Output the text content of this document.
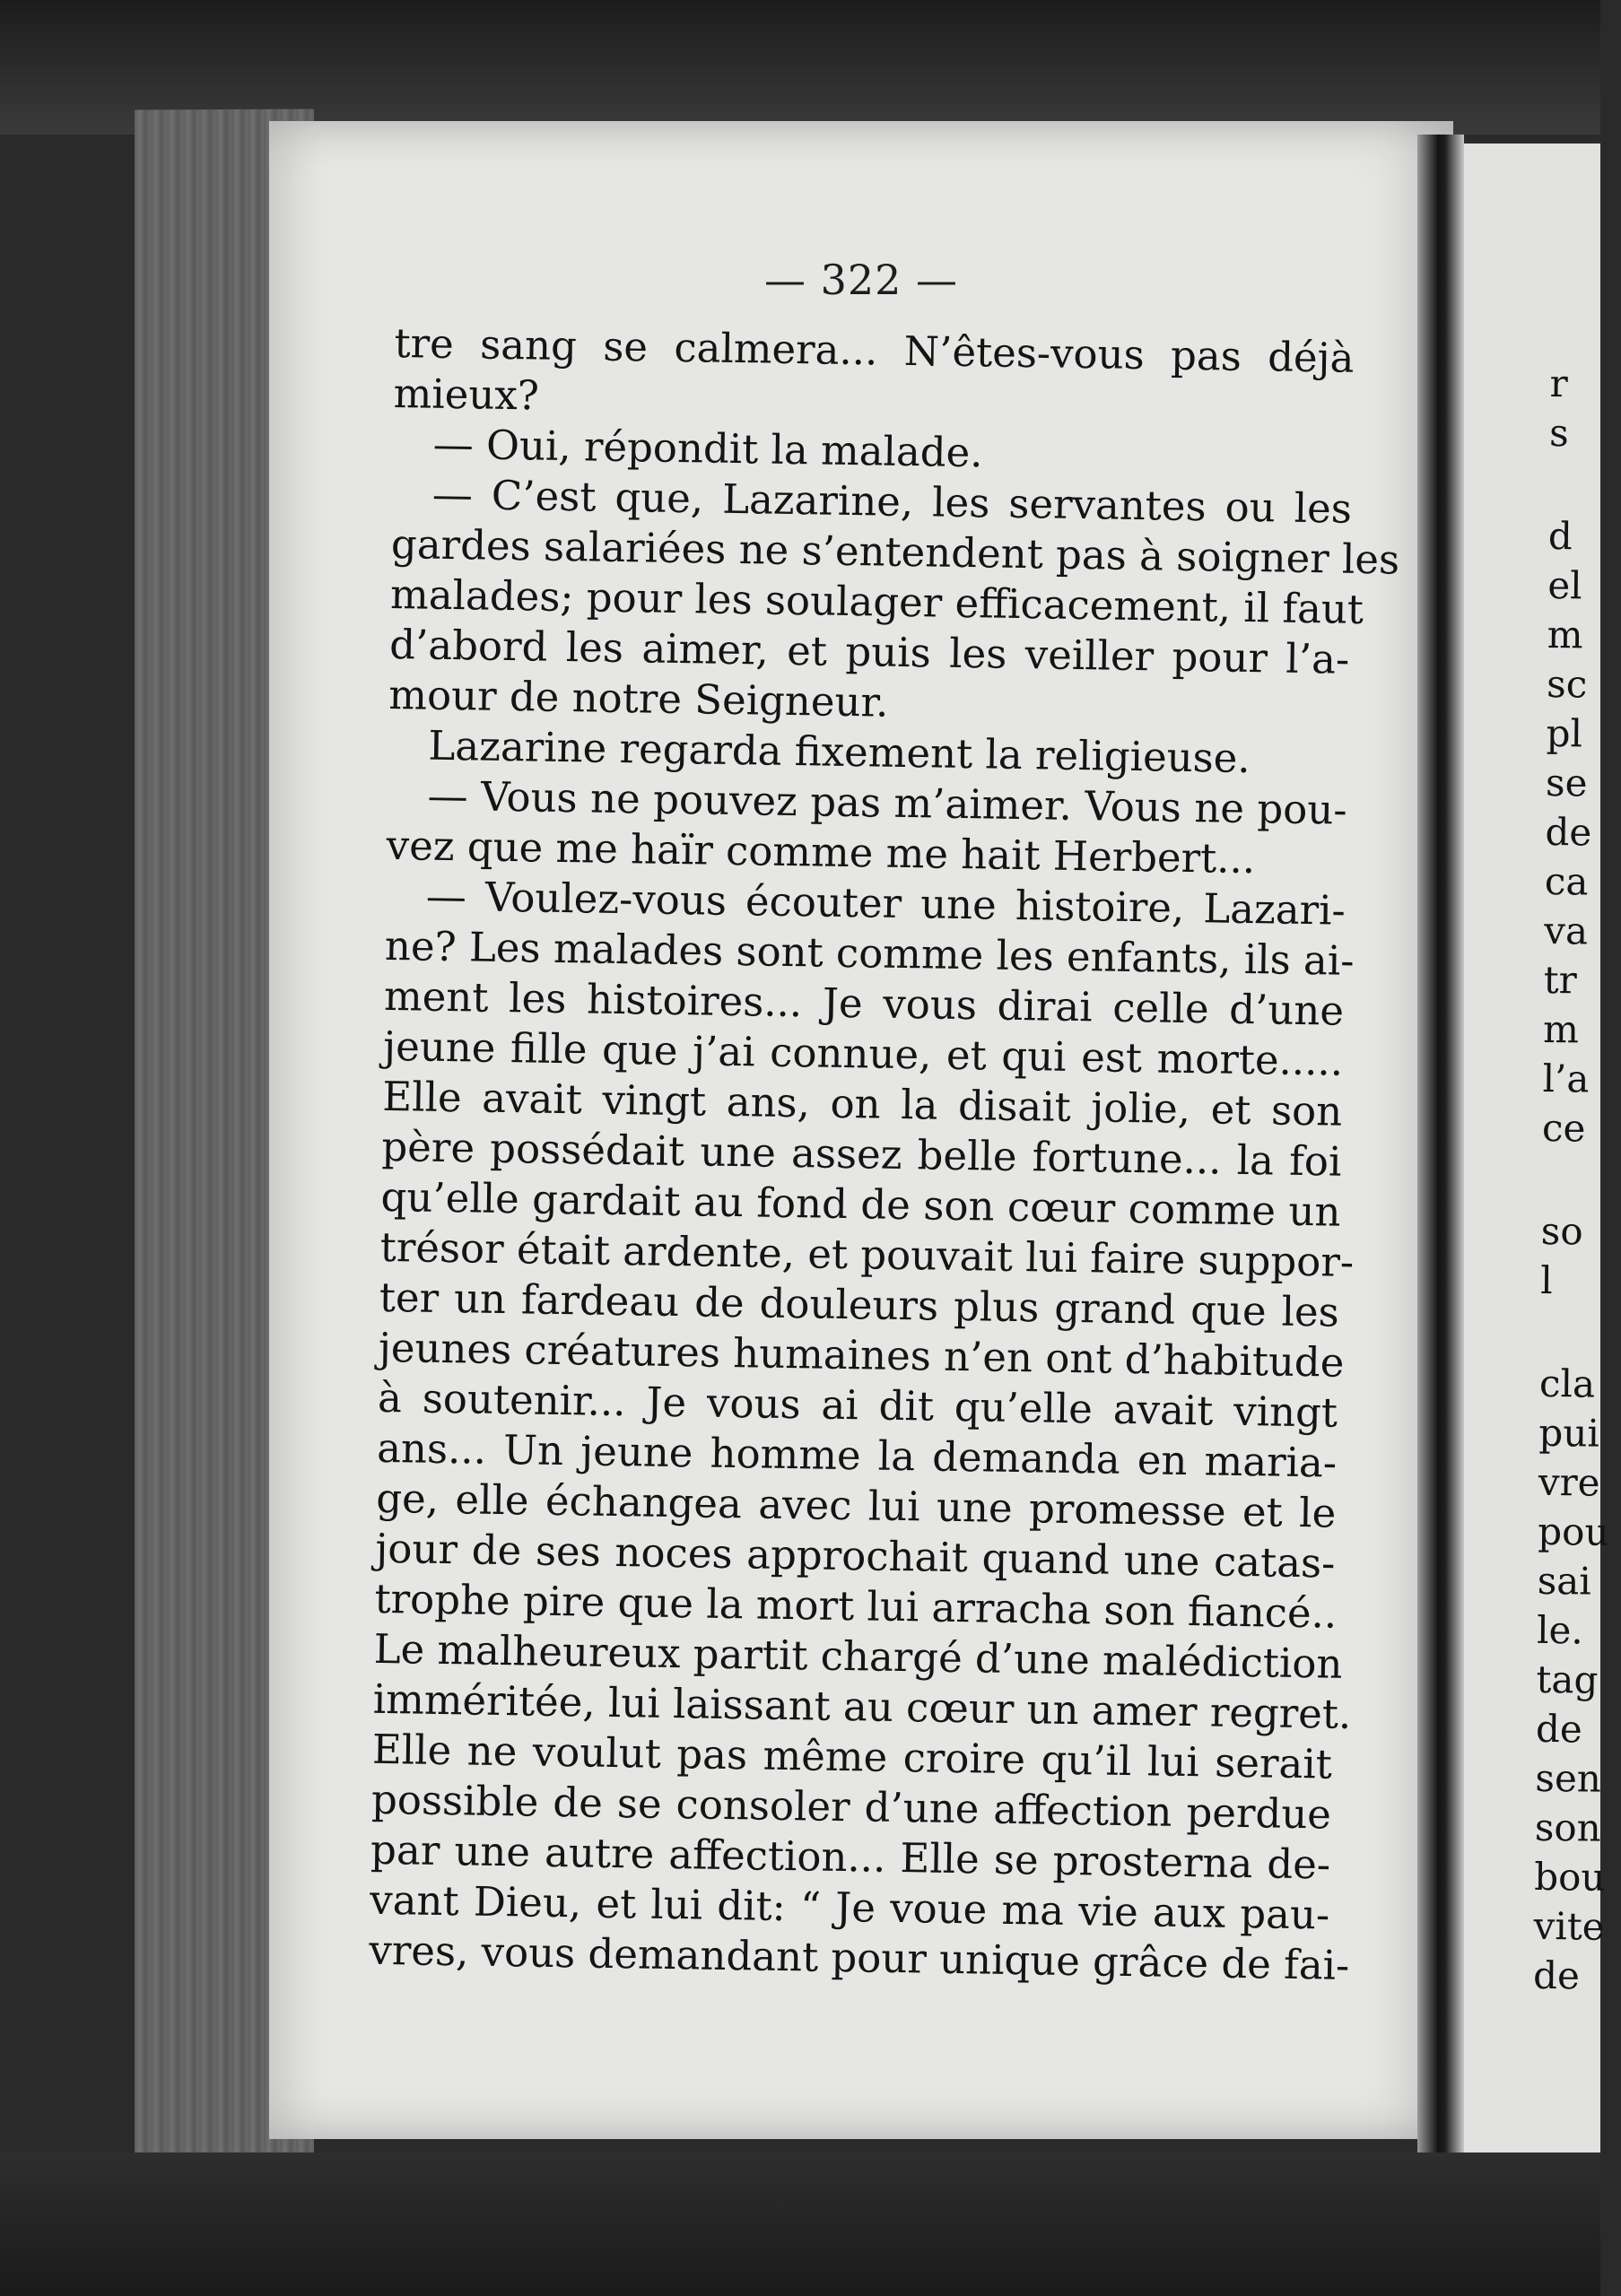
— 322 —
tre sang se calmera... N’êtes-vous pas déjà
mieux?
— Oui, répondit la malade.
— C’est que, Lazarine, les servantes ou les
gardes salariées ne s’entendent pas à soigner les
malades; pour les soulager efficacement, il faut
d’abord les aimer, et puis les veiller pour l’a-
mour de notre Seigneur.
Lazarine regarda fixement la religieuse.
— Vous ne pouvez pas m’aimer. Vous ne pou-
vez que me haïr comme me hait Herbert...
— Voulez-vous écouter une histoire, Lazari-
ne? Les malades sont comme les enfants, ils ai-
ment les histoires... Je vous dirai celle d’une
jeune fille que j’ai connue, et qui est morte.....
Elle avait vingt ans, on la disait jolie, et son
père possédait une assez belle fortune... la foi
qu’elle gardait au fond de son cœur comme un
trésor était ardente, et pouvait lui faire suppor-
ter un fardeau de douleurs plus grand que les
jeunes créatures humaines n’en ont d’habitude
à soutenir... Je vous ai dit qu’elle avait vingt
ans... Un jeune homme la demanda en maria-
ge, elle échangea avec lui une promesse et le
jour de ses noces approchait quand une catas-
trophe pire que la mort lui arracha son fiancé..
Le malheureux partit chargé d’une malédiction
imméritée, lui laissant au cœur un amer regret.
Elle ne voulut pas même croire qu’il lui serait
possible de se consoler d’une affection perdue
par une autre affection... Elle se prosterna de-
vant Dieu, et lui dit: “ Je voue ma vie aux pau-
vres, vous demandant pour unique grâce de fai-
r
s
d
el
m
sc
pl
se
de
ca
va
tr
m
l’a
ce
so
l
cla
pui
vre
pou
sai
le.
tag
de
sen
son
bou
vite
de
